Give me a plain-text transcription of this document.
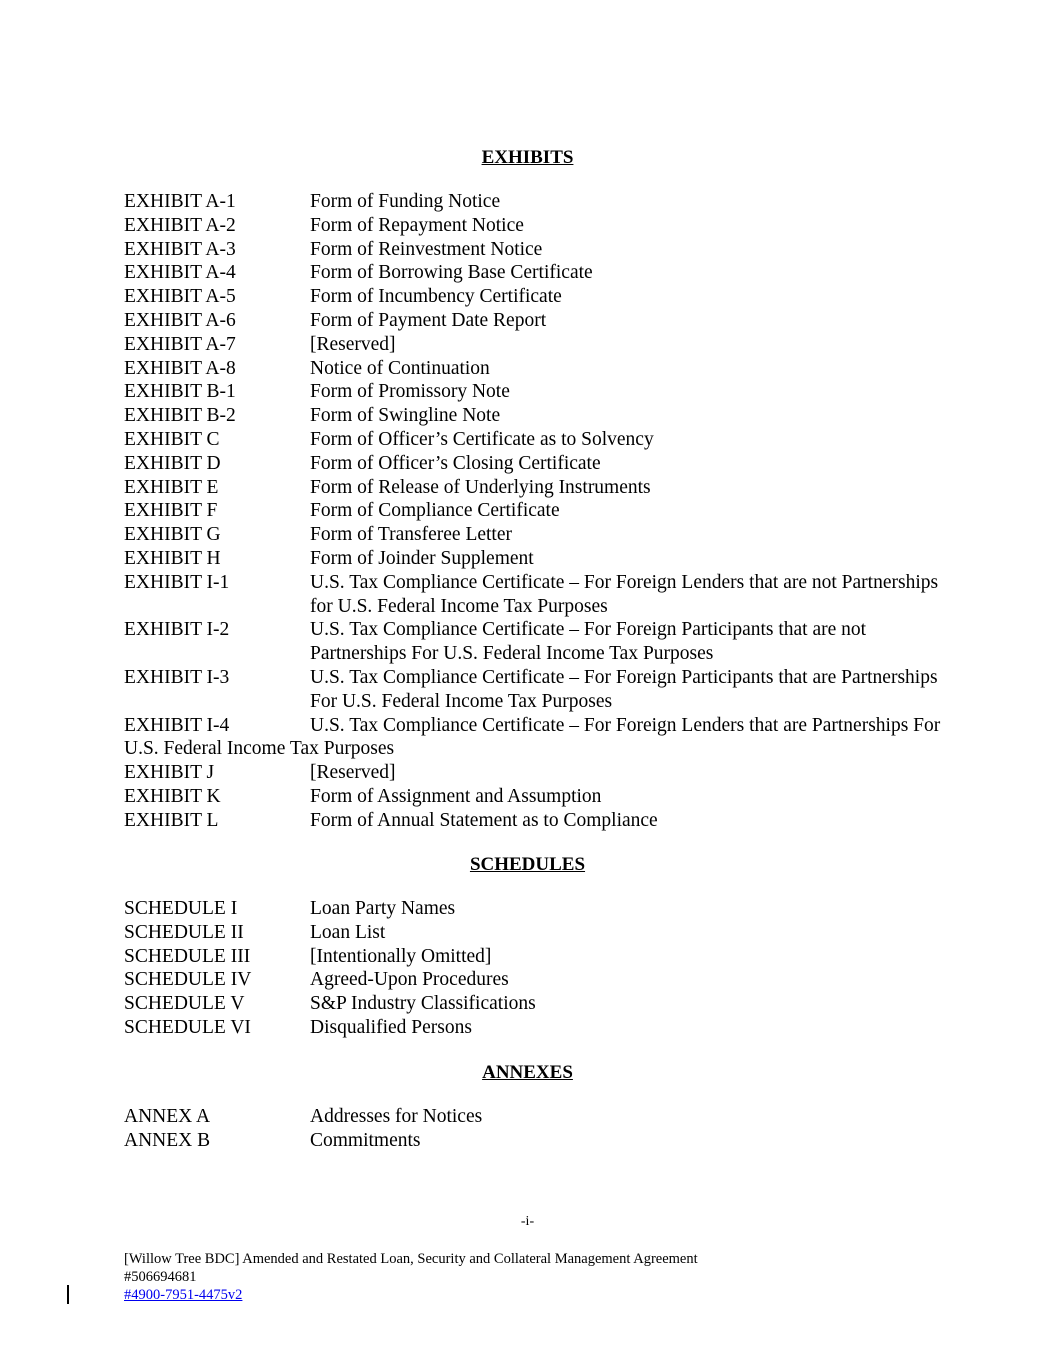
EXHIBITS
EXHIBIT A-1	Form of Funding Notice
EXHIBIT A-2	Form of Repayment Notice
EXHIBIT A-3	Form of Reinvestment Notice
EXHIBIT A-4	Form of Borrowing Base Certificate
EXHIBIT A-5	Form of Incumbency Certificate
EXHIBIT A-6	Form of Payment Date Report
EXHIBIT A-7	[Reserved]
EXHIBIT A-8	Notice of Continuation
EXHIBIT B-1	Form of Promissory Note
EXHIBIT B-2	Form of Swingline Note
EXHIBIT C	Form of Officer’s Certificate as to Solvency
EXHIBIT D	Form of Officer’s Closing Certificate
EXHIBIT E	Form of Release of Underlying Instruments
EXHIBIT F	Form of Compliance Certificate
EXHIBIT G	Form of Transferee Letter
EXHIBIT H	Form of Joinder Supplement
EXHIBIT I-1	U.S. Tax Compliance Certificate – For Foreign Lenders that are not Partnerships for U.S. Federal Income Tax Purposes
EXHIBIT I-2	U.S. Tax Compliance Certificate – For Foreign Participants that are not Partnerships For U.S. Federal Income Tax Purposes
EXHIBIT I-3	U.S. Tax Compliance Certificate – For Foreign Participants that are Partnerships For U.S. Federal Income Tax Purposes
EXHIBIT I-4	U.S. Tax Compliance Certificate – For Foreign Lenders that are Partnerships For U.S. Federal Income Tax Purposes
EXHIBIT J	[Reserved]
EXHIBIT K	Form of Assignment and Assumption
EXHIBIT L	Form of Annual Statement as to Compliance
SCHEDULES
SCHEDULE I	Loan Party Names
SCHEDULE II	Loan List
SCHEDULE III	[Intentionally Omitted]
SCHEDULE IV	Agreed-Upon Procedures
SCHEDULE V	S&P Industry Classifications
SCHEDULE VI	Disqualified Persons
ANNEXES
ANNEX A	Addresses for Notices
ANNEX B	Commitments
-i-
[Willow Tree BDC] Amended and Restated Loan, Security and Collateral Management Agreement
#506694681
#4900-7951-4475v2
